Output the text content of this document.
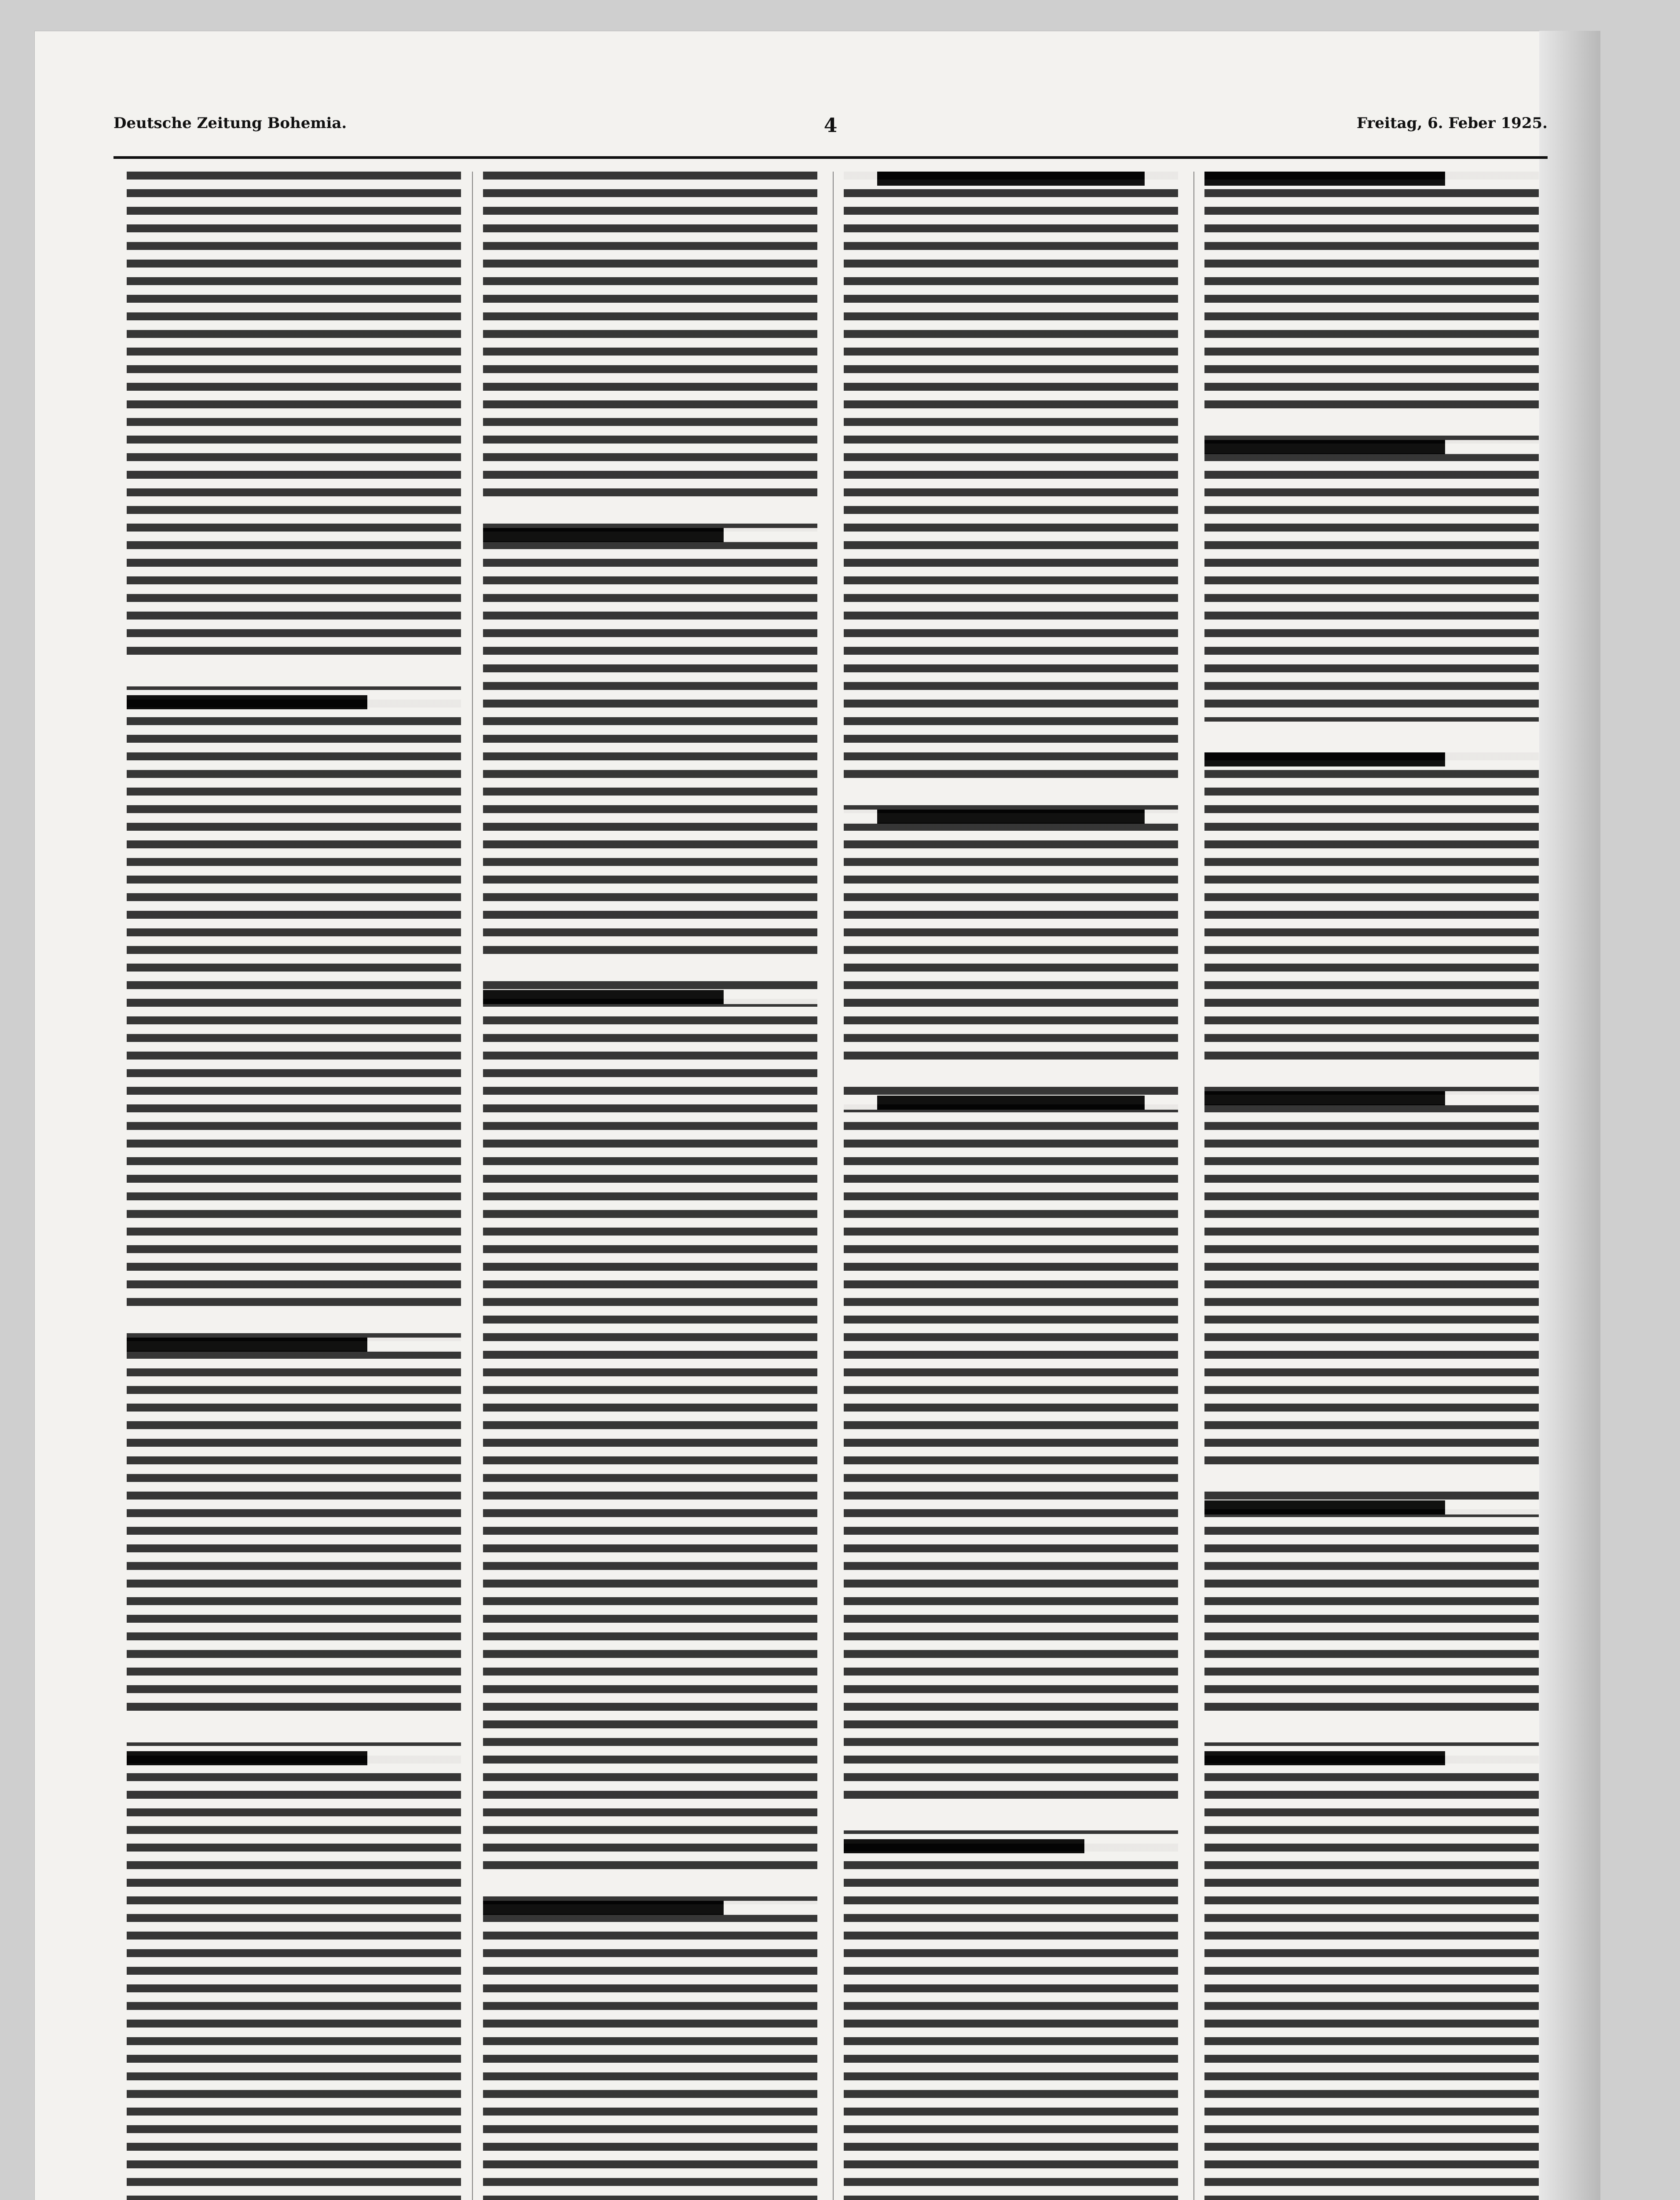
Deutsche Zeitung Bohemia.	4	Freitag, 6. Feber 1925.
